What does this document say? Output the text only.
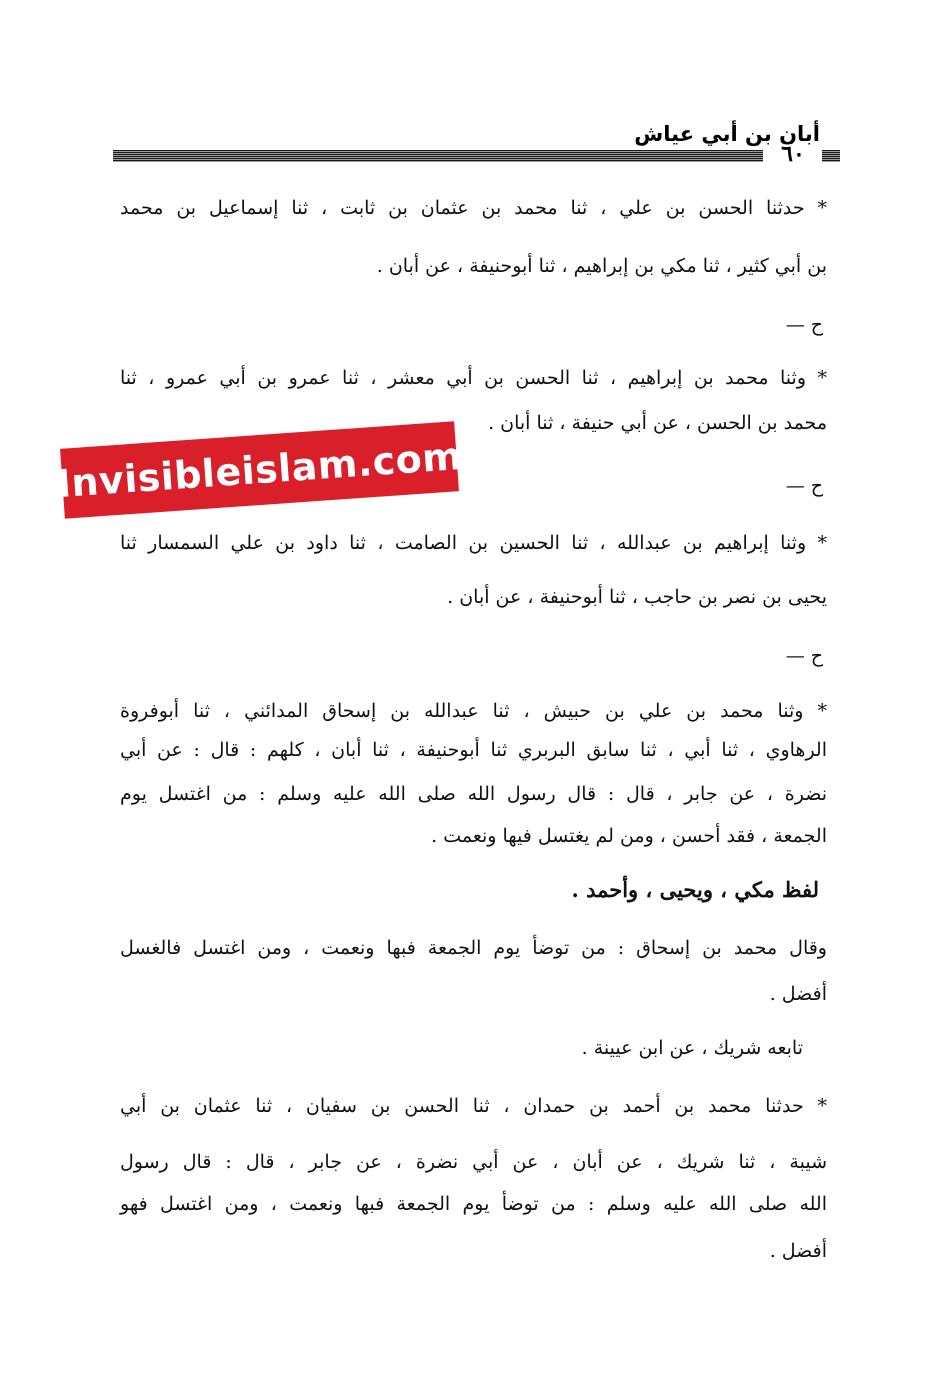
أبان بن أبي عياش
٦٠
* حدثنا الحسن بن علي ، ثنا محمد بن عثمان بن ثابت ، ثنا إسماعيل بن محمد
بن أبي كثير ، ثنا مكي بن إبراهيم ، ثنا أبوحنيفة ، عن أبان .
ح —
* وثنا محمد بن إبراهيم ، ثنا الحسن بن أبي معشر ، ثنا عمرو بن أبي عمرو ، ثنا
محمد بن الحسن ، عن أبي حنيفة ، ثنا أبان .
ح —
* وثنا إبراهيم بن عبدالله ، ثنا الحسين بن الصامت ، ثنا داود بن علي السمسار ثنا
يحيى بن نصر بن حاجب ، ثنا أبوحنيفة ، عن أبان .
ح —
* وثنا محمد بن علي بن حبيش ، ثنا عبدالله بن إسحاق المدائني ، ثنا أبوفروة
الرهاوي ، ثنا أبي ، ثنا سابق البربري ثنا أبوحنيفة ، ثنا أبان ، كلهم : قال : عن أبي
نضرة ، عن جابر ، قال : قال رسول الله صلى الله عليه وسلم : من اغتسل يوم
الجمعة ، فقد أحسن ، ومن لم يغتسل فيها ونعمت .
لفظ مكي ، ويحيى ، وأحمد .
وقال محمد بن إسحاق : من توضأ يوم الجمعة فبها ونعمت ، ومن اغتسل فالغسل
أفضل .
تابعه شريك ، عن ابن عيينة .
* حدثنا محمد بن أحمد بن حمدان ، ثنا الحسن بن سفيان ، ثنا عثمان بن أبي
شيبة ، ثنا شريك ، عن أبان ، عن أبي نضرة ، عن جابر ، قال : قال رسول
الله صلى الله عليه وسلم : من توضأ يوم الجمعة فبها ونعمت ، ومن اغتسل فهو
أفضل .
Invisibleislam.com
